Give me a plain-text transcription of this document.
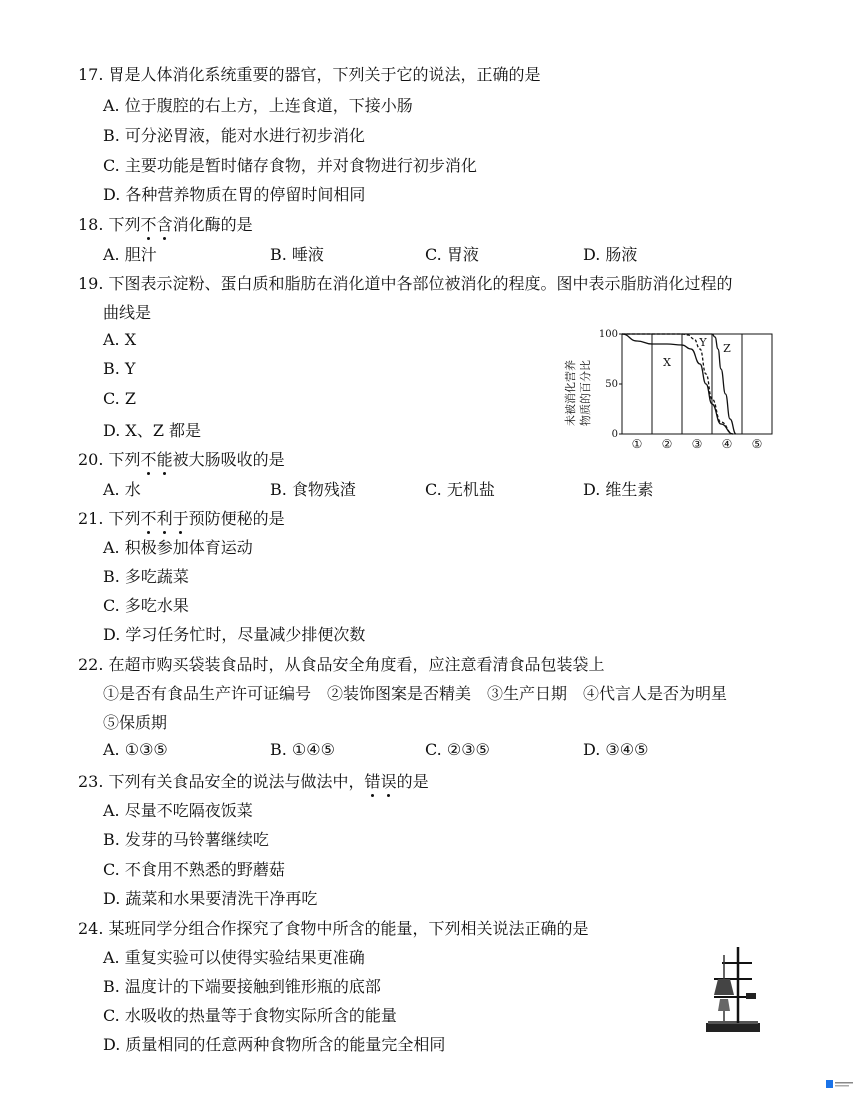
17. 胃是人体消化系统重要的器官，下列关于它的说法，正确的是
A. 位于腹腔的右上方，上连食道，下接小肠
B. 可分泌胃液，能对水进行初步消化
C. 主要功能是暂时储存食物，并对食物进行初步消化
D. 各种营养物质在胃的停留时间相同
18. 下列不含消化酶的是
A. 胆汁	B. 唾液	C. 胃液	D. 肠液
19. 下图表示淀粉、蛋白质和脂肪在消化道中各部位被消化的程度。图中表示脂肪消化过程的
曲线是
A. X
B. Y
C. Z
D. X、Z 都是
未被消化营养 物质的百分比
100
50
0
X
Y Z
① ② ③ ④ ⑤
20. 下列不能被大肠吸收的是
A. 水	B. 食物残渣	C. 无机盐	D. 维生素
21. 下列不利于预防便秘的是
A. 积极参加体育运动
B. 多吃蔬菜
C. 多吃水果
D. 学习任务忙时，尽量减少排便次数
22. 在超市购买袋装食品时，从食品安全角度看，应注意看清食品包装袋上
①是否有食品生产许可证编号　②装饰图案是否精美　③生产日期　④代言人是否为明星
⑤保质期
A. ①③⑤	B. ①④⑤	C. ②③⑤	D. ③④⑤
23. 下列有关食品安全的说法与做法中，错误的是
A. 尽量不吃隔夜饭菜
B. 发芽的马铃薯继续吃
C. 不食用不熟悉的野蘑菇
D. 蔬菜和水果要清洗干净再吃
24. 某班同学分组合作探究了食物中所含的能量，下列相关说法正确的是
A. 重复实验可以使得实验结果更准确
B. 温度计的下端要接触到锥形瓶的底部
C. 水吸收的热量等于食物实际所含的能量
D. 质量相同的任意两种食物所含的能量完全相同
